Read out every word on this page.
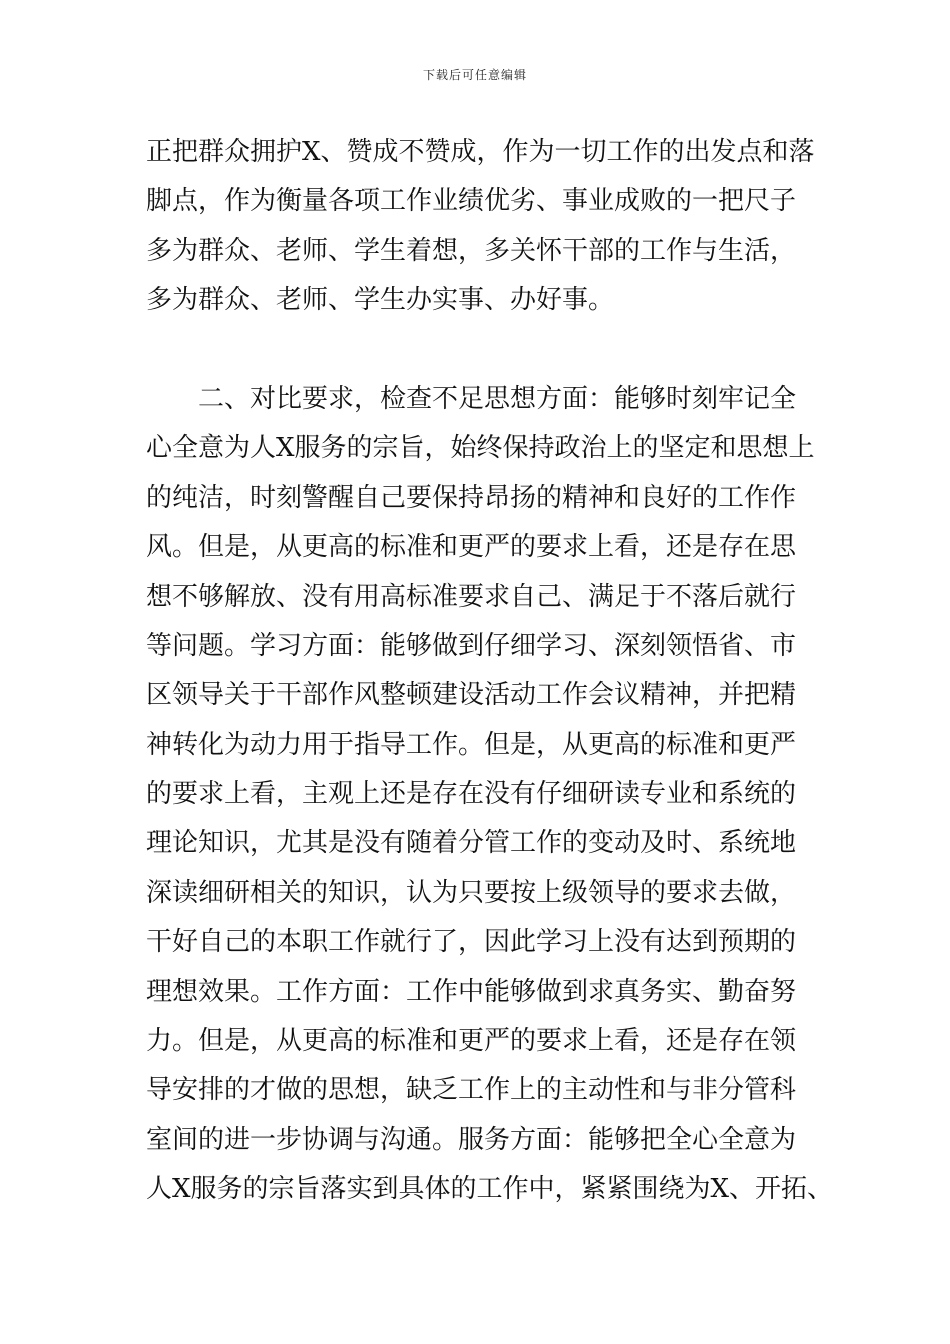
下载后可任意编辑
正把群众拥护X、赞成不赞成，作为一切工作的出发点和落
脚点，作为衡量各项工作业绩优劣、事业成败的一把尺子
多为群众、老师、学生着想，多关怀干部的工作与生活，
多为群众、老师、学生办实事、办好事。
　　二、对比要求，检查不足思想方面：能够时刻牢记全
心全意为人X服务的宗旨，始终保持政治上的坚定和思想上
的纯洁，时刻警醒自己要保持昂扬的精神和良好的工作作
风。但是，从更高的标准和更严的要求上看，还是存在思
想不够解放、没有用高标准要求自己、满足于不落后就行
等问题。学习方面：能够做到仔细学习、深刻领悟省、市
区领导关于干部作风整顿建设活动工作会议精神，并把精
神转化为动力用于指导工作。但是，从更高的标准和更严
的要求上看，主观上还是存在没有仔细研读专业和系统的
理论知识，尤其是没有随着分管工作的变动及时、系统地
深读细研相关的知识，认为只要按上级领导的要求去做，
干好自己的本职工作就行了，因此学习上没有达到预期的
理想效果。工作方面：工作中能够做到求真务实、勤奋努
力。但是，从更高的标准和更严的要求上看，还是存在领
导安排的才做的思想，缺乏工作上的主动性和与非分管科
室间的进一步协调与沟通。服务方面：能够把全心全意为
人X服务的宗旨落实到具体的工作中，紧紧围绕为X、开拓、
